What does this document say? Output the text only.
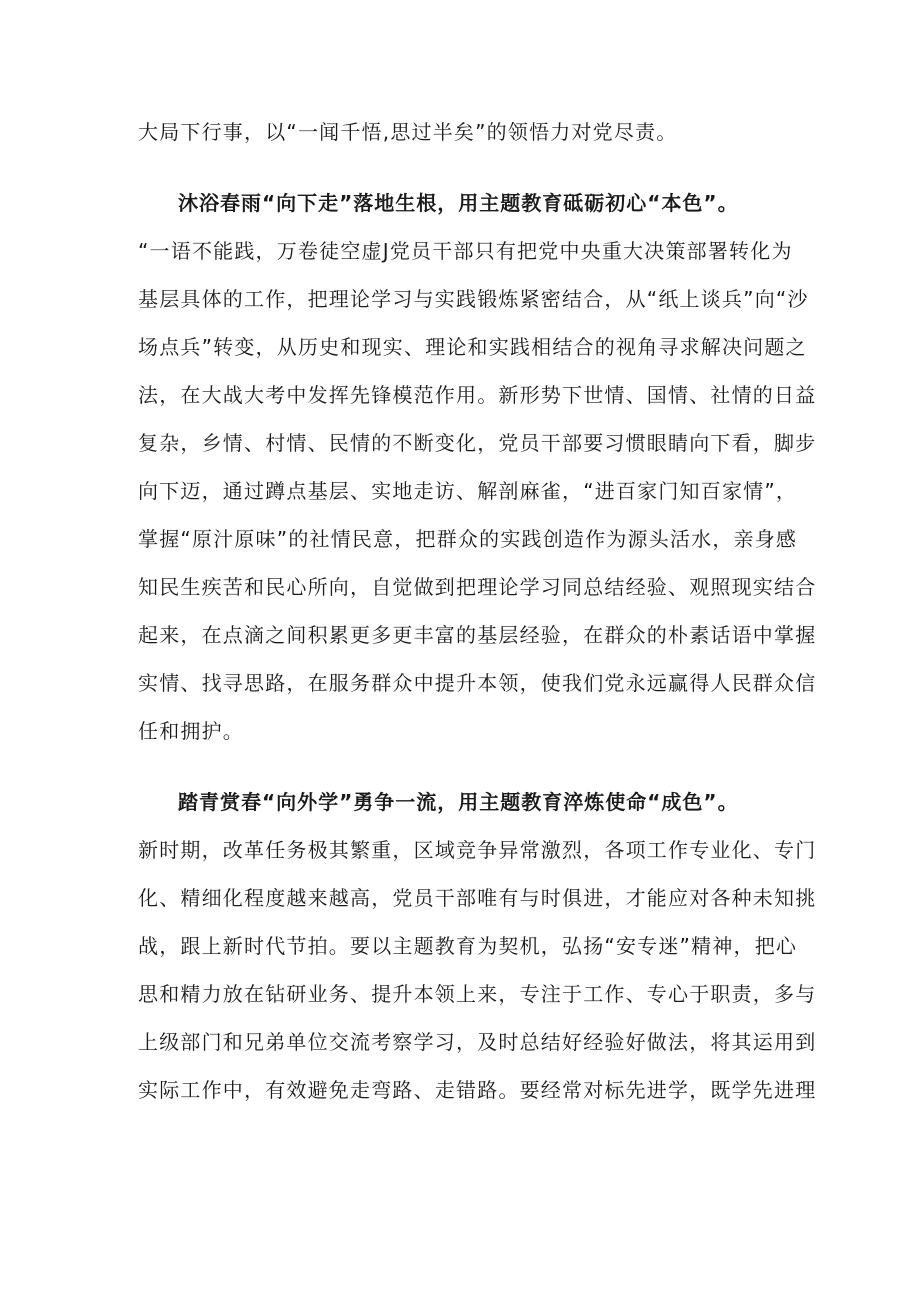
大局下行事，以“一闻千悟,思过半矣”的领悟力对党尽责。
沐浴春雨“向下走”落地生根，用主题教育砥砺初心“本色”。
“一语不能践，万卷徒空虚J党员干部只有把党中央重大决策部署转化为
基层具体的工作，把理论学习与实践锻炼紧密结合，从“纸上谈兵”向“沙
场点兵”转变，从历史和现实、理论和实践相结合的视角寻求解决问题之
法，在大战大考中发挥先锋模范作用。新形势下世情、国情、社情的日益
复杂，乡情、村情、民情的不断变化，党员干部要习惯眼睛向下看，脚步
向下迈，通过蹲点基层、实地走访、解剖麻雀，“进百家门知百家情”，
掌握“原汁原味”的社情民意，把群众的实践创造作为源头活水，亲身感
知民生疾苦和民心所向，自觉做到把理论学习同总结经验、观照现实结合
起来，在点滴之间积累更多更丰富的基层经验，在群众的朴素话语中掌握
实情、找寻思路，在服务群众中提升本领，使我们党永远赢得人民群众信
任和拥护。
踏青赏春“向外学”勇争一流，用主题教育淬炼使命“成色”。
新时期，改革任务极其繁重，区域竞争异常激烈，各项工作专业化、专门
化、精细化程度越来越高，党员干部唯有与时俱进，才能应对各种未知挑
战，跟上新时代节拍。要以主题教育为契机，弘扬“安专迷”精神，把心
思和精力放在钻研业务、提升本领上来，专注于工作、专心于职责，多与
上级部门和兄弟单位交流考察学习，及时总结好经验好做法，将其运用到
实际工作中，有效避免走弯路、走错路。要经常对标先进学，既学先进理
